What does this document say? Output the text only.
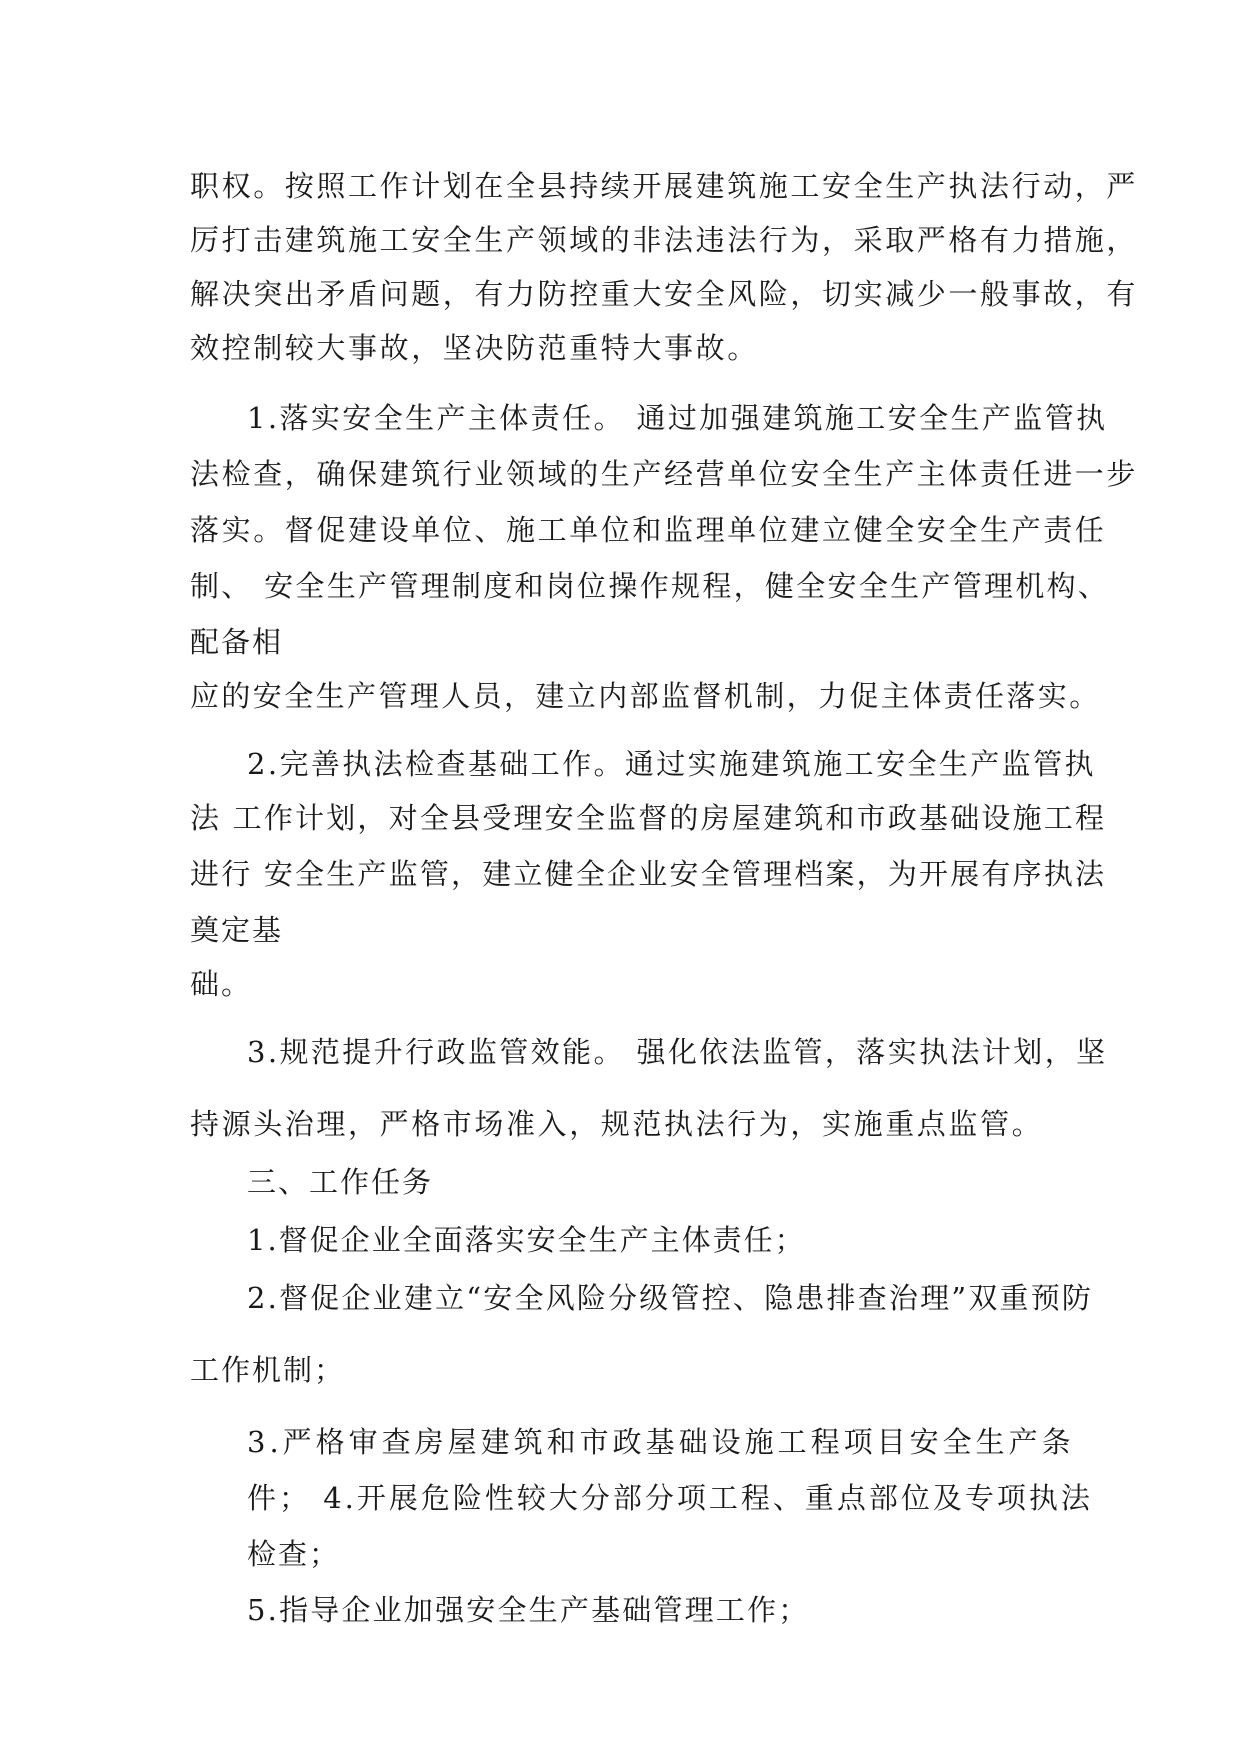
职权。按照工作计划在全县持续开展建筑施工安全生产执法行动，严
厉打击建筑施工安全生产领域的非法违法行为，采取严格有力措施，
解决突出矛盾问题，有力防控重大安全风险，切实减少一般事故，有
效控制较大事故，坚决防范重特大事故。
1.落实安全生产主体责任。 通过加强建筑施工安全生产监管执
法检查，确保建筑行业领域的生产经营单位安全生产主体责任进一步
落实。督促建设单位、施工单位和监理单位建立健全安全生产责任
制、 安全生产管理制度和岗位操作规程，健全安全生产管理机构、
配备相
应的安全生产管理人员，建立内部监督机制，力促主体责任落实。
2.完善执法检查基础工作。通过实施建筑施工安全生产监管执
法 工作计划，对全县受理安全监督的房屋建筑和市政基础设施工程
进行 安全生产监管，建立健全企业安全管理档案，为开展有序执法
奠定基
础。
3.规范提升行政监管效能。 强化依法监管，落实执法计划，坚
持源头治理，严格市场准入，规范执法行为，实施重点监管。
三、工作任务
1.督促企业全面落实安全生产主体责任；
2.督促企业建立“安全风险分级管控、隐患排查治理”双重预防
工作机制；
3.严格审查房屋建筑和市政基础设施工程项目安全生产条
件； 4.开展危险性较大分部分项工程、重点部位及专项执法
检查；
5.指导企业加强安全生产基础管理工作；
